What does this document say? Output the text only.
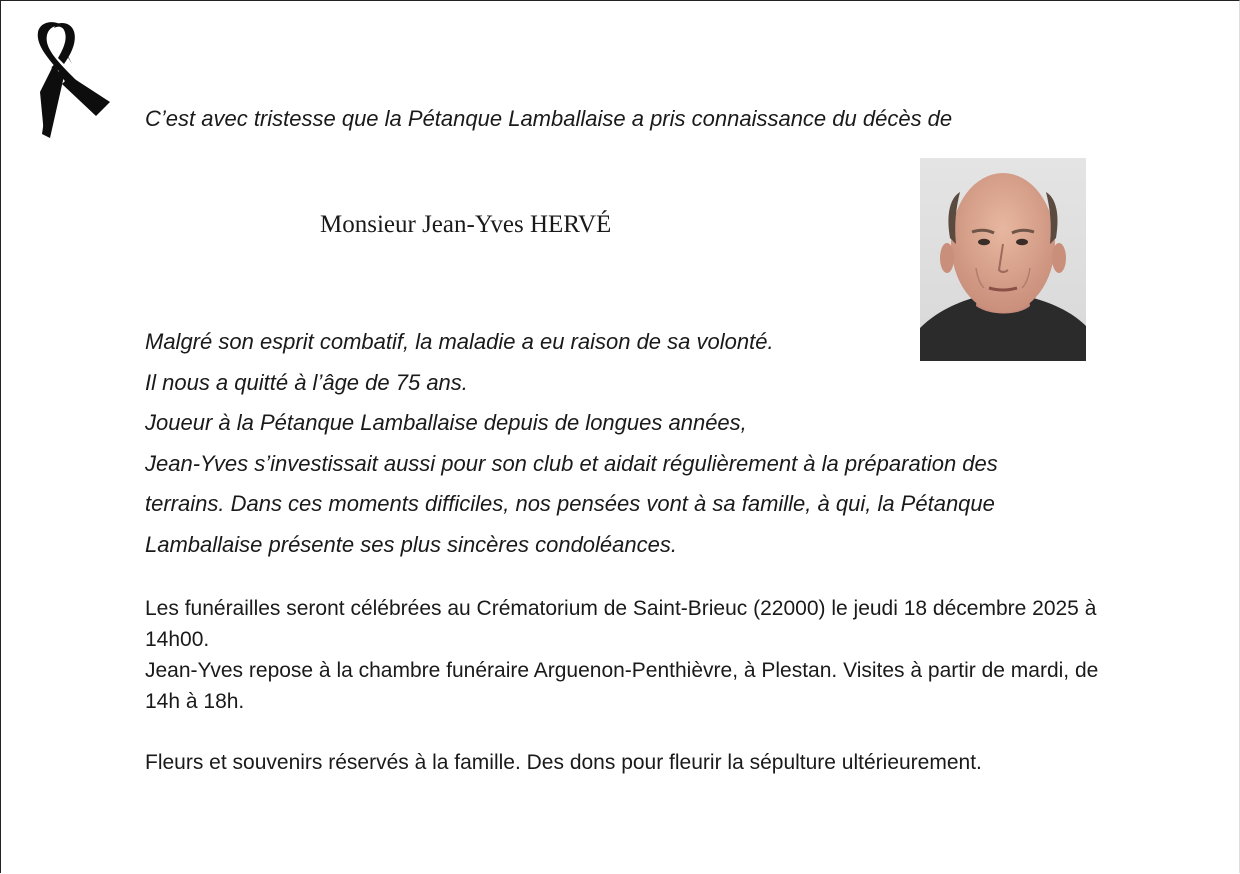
C’est avec tristesse que la Pétanque Lamballaise a pris connaissance du décès de
Monsieur Jean-Yves HERVÉ

Malgré son esprit combatif, la maladie a eu raison de sa volonté.

Il nous a quitté à l’âge de 75 ans.

Joueur à la Pétanque Lamballaise depuis de longues années,

Jean-Yves s’investissait aussi pour son club et aidait régulièrement à la préparation des

terrains. Dans ces moments difficiles, nos pensées vont à sa famille, à qui, la Pétanque

Lamballaise présente ses plus sincères condoléances.

Les funérailles seront célébrées au Crématorium de Saint-Brieuc (22000) le jeudi 18 décembre 2025 à 14h00.

Jean-Yves repose à la chambre funéraire Arguenon-Penthièvre, à Plestan. Visites à partir de mardi, de 14h à 18h.

Fleurs et souvenirs réservés à la famille. Des dons pour fleurir la sépulture ultérieurement.
